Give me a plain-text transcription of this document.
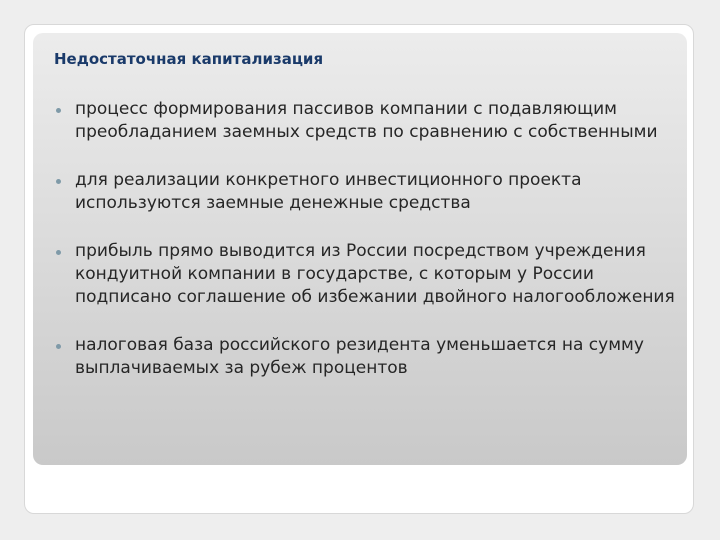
Недостаточная капитализация
процесс формирования пассивов компании с подавляющим преобладанием заемных средств по сравнению с собственными
для реализации конкретного инвестиционного проекта используются заемные денежные средства
прибыль прямо выводится из России посредством учреждения кондуитной компании в государстве, с которым у России подписано соглашение об избежании двойного налогообложения
налоговая база российского резидента уменьшается на сумму выплачиваемых за рубеж процентов
